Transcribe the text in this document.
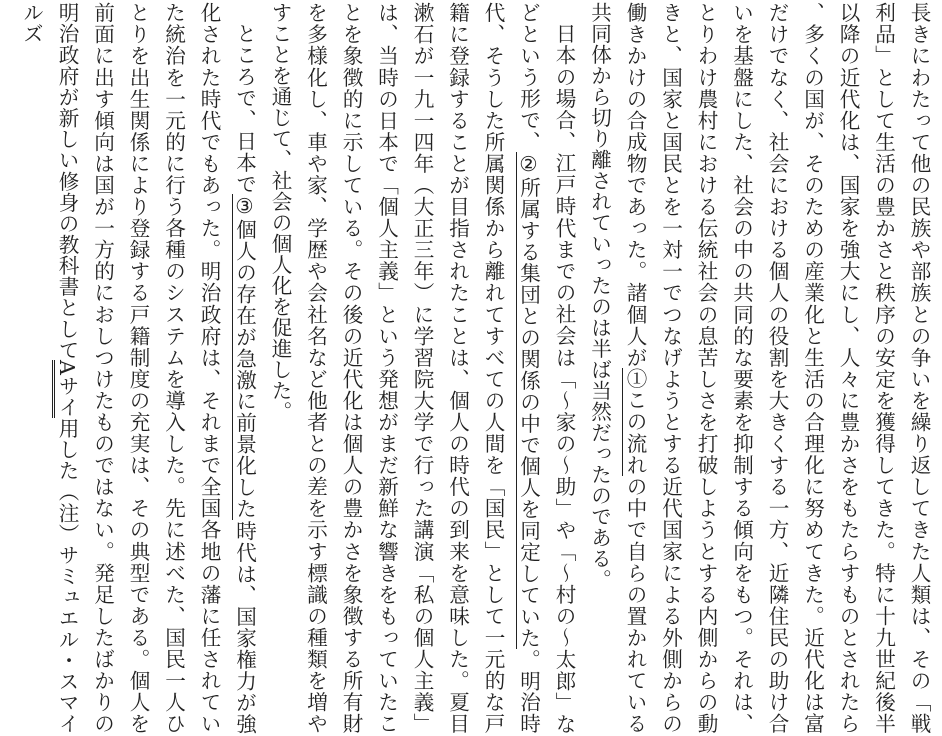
長きにわたって他の民族や部族との争いを繰り返してきた人類は、その「戦利品」として生活の豊かさと秩序の安定を獲得してきた。特に十九世紀後半以降の近代化は、国家を強大にし、人々に豊かさをもたらすものとされたら、多くの国が、そのための産業化と生活の合理化に努めてきた。近代化は富だけでなく、社会における個人の役割を大きくする一方、近隣住民の助け合いを基盤にした、社会の中の共同的な要素を抑制する傾向をもつ。それは、とりわけ農村における伝統社会の息苦しさを打破しようとする内側からの動きと、国家と国民とを一対一でつなげようとする近代国家による外側からの働きかけの合成物であった。諸個人が①この流れの中で自らの置かれている共同体から切り離されていったのは半ば当然だったのである。

日本の場合、江戸時代までの社会は「〜家の〜助」や「〜村の〜太郎」などという形で、②所属する集団との関係の中で個人を同定していた。明治時代、そうした所属関係から離れてすべての人間を「国民」として一元的な戸籍に登録することが目指されたことは、個人の時代の到来を意味した。夏目漱石が一九一四年（大正三年）に学習院大学で行った講演「私の個人主義」は、当時の日本で「個人主義」という発想がまだ新鮮な響きをもっていたことを象徴的に示している。その後の近代化は個人の豊かさを象徴する所有財を多様化し、車や家、学歴や会社名など他者との差を示す標識の種類を増やすことを通じて、社会の個人化を促進した。

ところで、日本で③個人の存在が急激に前景化した時代は、国家権力が強化された時代でもあった。明治政府は、それまで全国各地の藩に任されていた統治を一元的に行う各種のシステムを導入した。先に述べた、国民一人ひとりを出生関係により登録する戸籍制度の充実は、その典型である。個人を前面に出す傾向は国が一方的におしつけたものではない。発足したばかりの明治政府が新しい修身の教科書としてAサイ用した（注）サミュエル・スマイルズ
